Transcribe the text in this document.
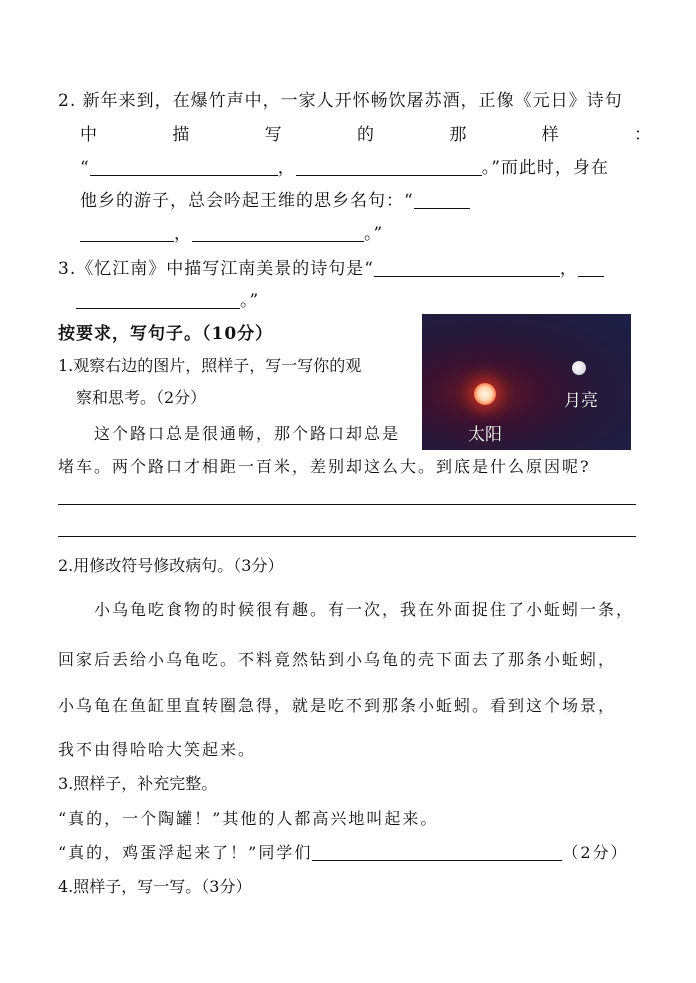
2. 新年来到，在爆竹声中，一家人开怀畅饮屠苏酒，正像《元日》诗句
中	描	写	的	那	样	：
“	，	。”而此时，身在
他乡的游子，总会吟起王维的思乡名句：“
，	。”
3.《忆江南》中描写江南美景的诗句是“	，
。”
按要求，写句子。（10分）
月亮
太阳
1.观察右边的图片，照样子，写一写你的观
察和思考。（2分）
这个路口总是很通畅，那个路口却总是
堵车。两个路口才相距一百米，差别却这么大。到底是什么原因呢?
2.用修改符号修改病句。（3分）
小乌龟吃食物的时候很有趣。有一次，我在外面捉住了小蚯蚓一条，
回家后丢给小乌龟吃。不料竟然钻到小乌龟的壳下面去了那条小蚯蚓，
小乌龟在鱼缸里直转圈急得，就是吃不到那条小蚯蚓。看到这个场景，
我不由得哈哈大笑起来。
3.照样子，补充完整。
“真的，一个陶罐！”其他的人都高兴地叫起来。
“真的，鸡蛋浮起来了！”同学们	（2分）
4.照样子，写一写。（3分）
